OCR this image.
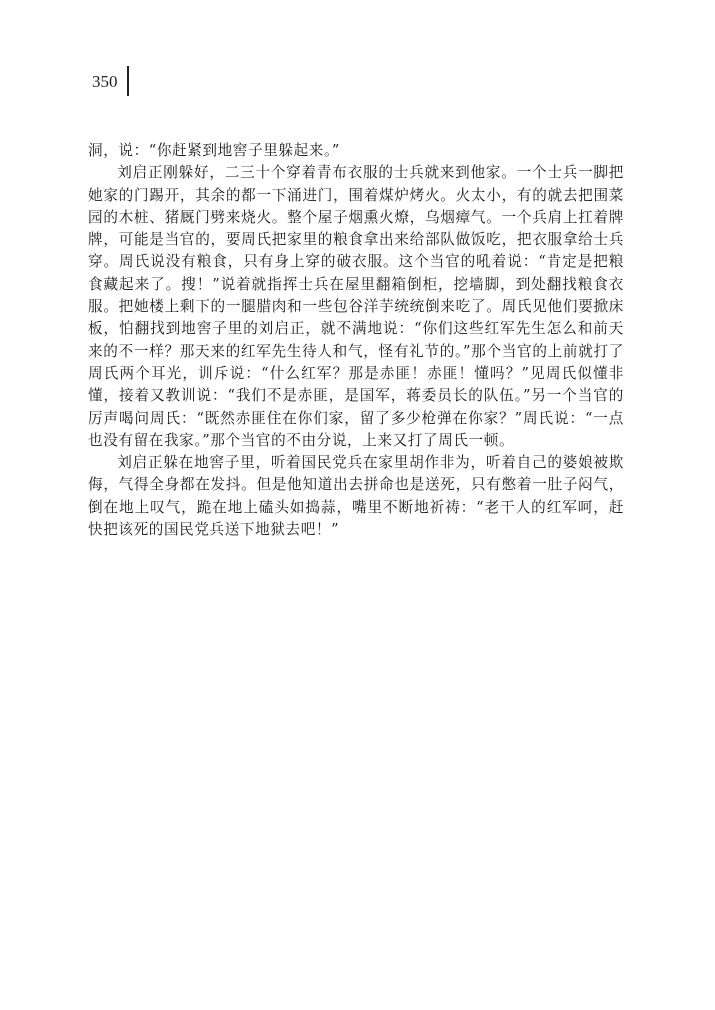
350

洞，说：“你赶紧到地窖子里躲起来。”

刘启正刚躲好，二三十个穿着青布衣服的士兵就来到他家。一个士兵一脚把她家的门踢开，其余的都一下涌进门，围着煤炉烤火。火太小，有的就去把围菜园的木桩、猪厩门劈来烧火。整个屋子烟熏火燎，乌烟瘴气。一个兵肩上扛着牌牌，可能是当官的，要周氏把家里的粮食拿出来给部队做饭吃，把衣服拿给士兵穿。周氏说没有粮食，只有身上穿的破衣服。这个当官的吼着说：“肯定是把粮食藏起来了。搜！”说着就指挥士兵在屋里翻箱倒柜，挖墙脚，到处翻找粮食衣服。把她楼上剩下的一腿腊肉和一些包谷洋芋统统倒来吃了。周氏见他们要掀床板，怕翻找到地窖子里的刘启正，就不满地说：“你们这些红军先生怎么和前天来的不一样？那天来的红军先生待人和气，怪有礼节的。”那个当官的上前就打了周氏两个耳光，训斥说：“什么红军？那是赤匪！赤匪！懂吗？”见周氏似懂非懂，接着又教训说：“我们不是赤匪，是国军，蒋委员长的队伍。”另一个当官的厉声喝问周氏：“既然赤匪住在你们家，留了多少枪弹在你家？”周氏说：“一点也没有留在我家。”那个当官的不由分说，上来又打了周氏一顿。

刘启正躲在地窖子里，听着国民党兵在家里胡作非为，听着自己的婆娘被欺侮，气得全身都在发抖。但是他知道出去拼命也是送死，只有憋着一肚子闷气，倒在地上叹气，跪在地上磕头如捣蒜，嘴里不断地祈祷：“老干人的红军呵，赶快把该死的国民党兵送下地狱去吧！”
